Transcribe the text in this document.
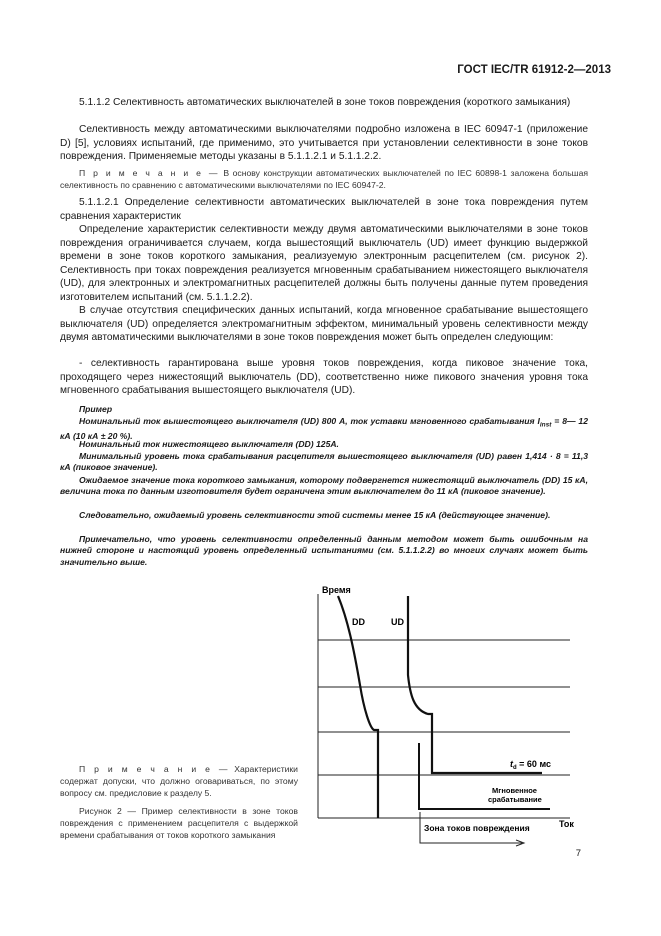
ГОСТ IEC/TR 61912-2—2013
5.1.1.2 Селективность автоматических выключателей в зоне токов повреждения (короткого замыкания)
Селективность между автоматическими выключателями подробно изложена в IEC 60947-1 (приложение D) [5], условиях испытаний, где применимо, это учитывается при установлении селективности в зоне токов повреждения. Применяемые методы указаны в 5.1.1.2.1 и 5.1.1.2.2.
П р и м е ч а н и е — В основу конструкции автоматических выключателей по IEC 60898-1 заложена большая селективность по сравнению с автоматическими выключателями по IEC 60947-2.
5.1.1.2.1 Определение селективности автоматических выключателей в зоне тока повреждения путем сравнения характеристик
Определение характеристик селективности между двумя автоматическими выключателями в зоне токов повреждения ограничивается случаем, когда вышестоящий выключатель (UD) имеет функцию выдержкой времени в зоне токов короткого замыкания, реализуемую электронным расцепителем (см. рисунок 2). Селективность при токах повреждения реализуется мгновенным срабатыванием нижестоящего выключателя (UD), для электронных и электромагнитных расцепителей должны быть получены данные путем проведения изготовителем испытаний (см. 5.1.1.2.2).
В случае отсутствия специфических данных испытаний, когда мгновенное срабатывание вышестоящего выключателя (UD) определяется электромагнитным эффектом, минимальный уровень селективности между двумя автоматическими выключателями в зоне токов повреждения может быть определен следующим:
- селективность гарантирована выше уровня токов повреждения, когда пиковое значение тока, проходящего через нижестоящий выключатель (DD), соответственно ниже пикового значения уровня тока мгновенного срабатывания вышестоящего выключателя (UD).
Пример
Номинальный ток вышестоящего выключателя (UD) 800 А, ток уставки мгновенного срабатывания $I_{inst}$ = 8— 12 кА (10 кА ± 20 %).
Номинальный ток нижестоящего выключателя (DD) 125А.
Минимальный уровень тока срабатывания расцепителя вышестоящего выключателя (UD) равен 1,414 · 8 = 11,3 кА (пиковое значение).
Ожидаемое значение тока короткого замыкания, которому подвергнется нижестоящий выключатель (DD) 15 кА, величина тока по данным изготовителя будет ограничена этим выключателем до 11 кА (пиковое значение).
Следовательно, ожидаемый уровень селективности этой системы менее 15 кА (действующее значение).
Примечательно, что уровень селективности определенный данным методом может быть ошибочным на нижней стороне и настоящий уровень определенный испытаниями (см. 5.1.1.2.2) во многих случаях может быть значительно выше.
П р и м е ч а н и е — Характеристики содержат допуски, что должно оговариваться, по этому вопросу см. предисловие к разделу 5.
Рисунок 2 — Пример селективности в зоне токов повреждения с применением расцепителя с выдержкой времени срабатывания от токов короткого замыкания
Время
DD	UD
$t_d = 60$ мс
Мгновенное
срабатывание
Зона токов повреждения	Ток
7
